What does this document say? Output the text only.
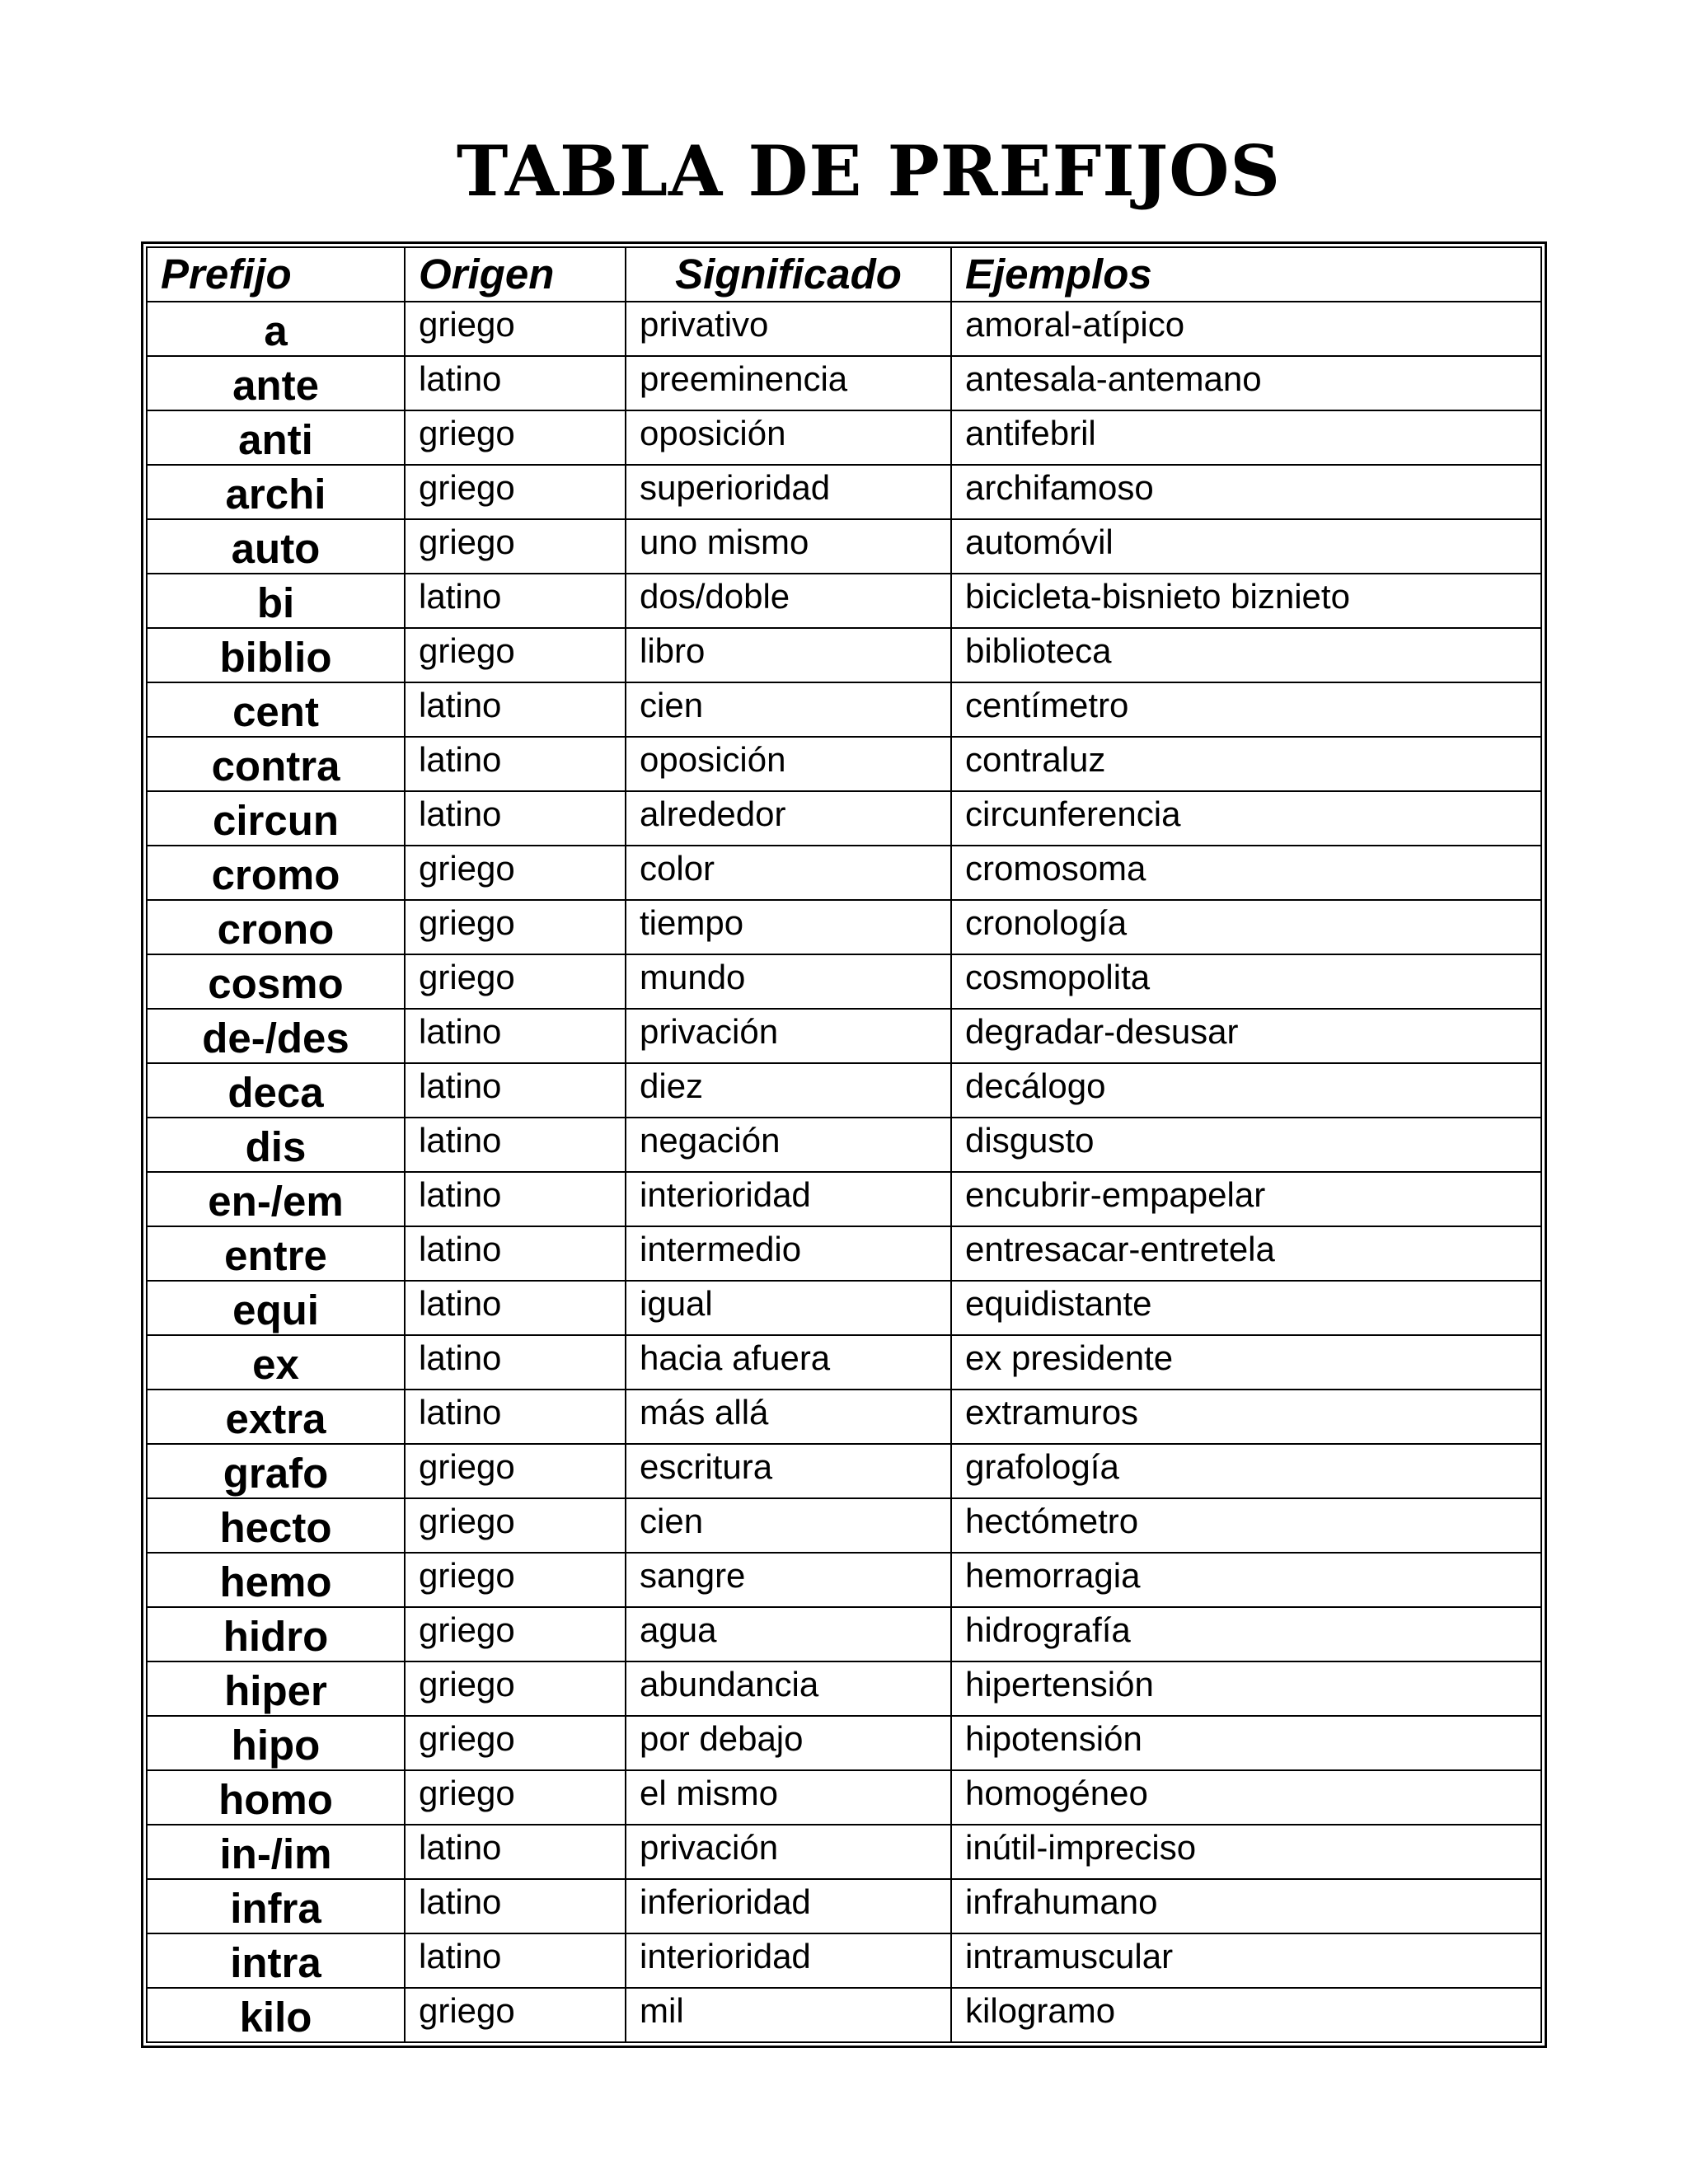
TABLA DE PREFIJOS
Prefijo	Origen	Significado	Ejemplos
a	griego	privativo	amoral-atípico
ante	latino	preeminencia	antesala-antemano
anti	griego	oposición	antifebril
archi	griego	superioridad	archifamoso
auto	griego	uno mismo	automóvil
bi	latino	dos/doble	bicicleta-bisnieto biznieto
biblio	griego	libro	biblioteca
cent	latino	cien	centímetro
contra	latino	oposición	contraluz
circun	latino	alrededor	circunferencia
cromo	griego	color	cromosoma
crono	griego	tiempo	cronología
cosmo	griego	mundo	cosmopolita
de-/des	latino	privación	degradar-desusar
deca	latino	diez	decálogo
dis	latino	negación	disgusto
en-/em	latino	interioridad	encubrir-empapelar
entre	latino	intermedio	entresacar-entretela
equi	latino	igual	equidistante
ex	latino	hacia afuera	ex presidente
extra	latino	más allá	extramuros
grafo	griego	escritura	grafología
hecto	griego	cien	hectómetro
hemo	griego	sangre	hemorragia
hidro	griego	agua	hidrografía
hiper	griego	abundancia	hipertensión
hipo	griego	por debajo	hipotensión
homo	griego	el mismo	homogéneo
in-/im	latino	privación	inútil-impreciso
infra	latino	inferioridad	infrahumano
intra	latino	interioridad	intramuscular
kilo	griego	mil	kilogramo
